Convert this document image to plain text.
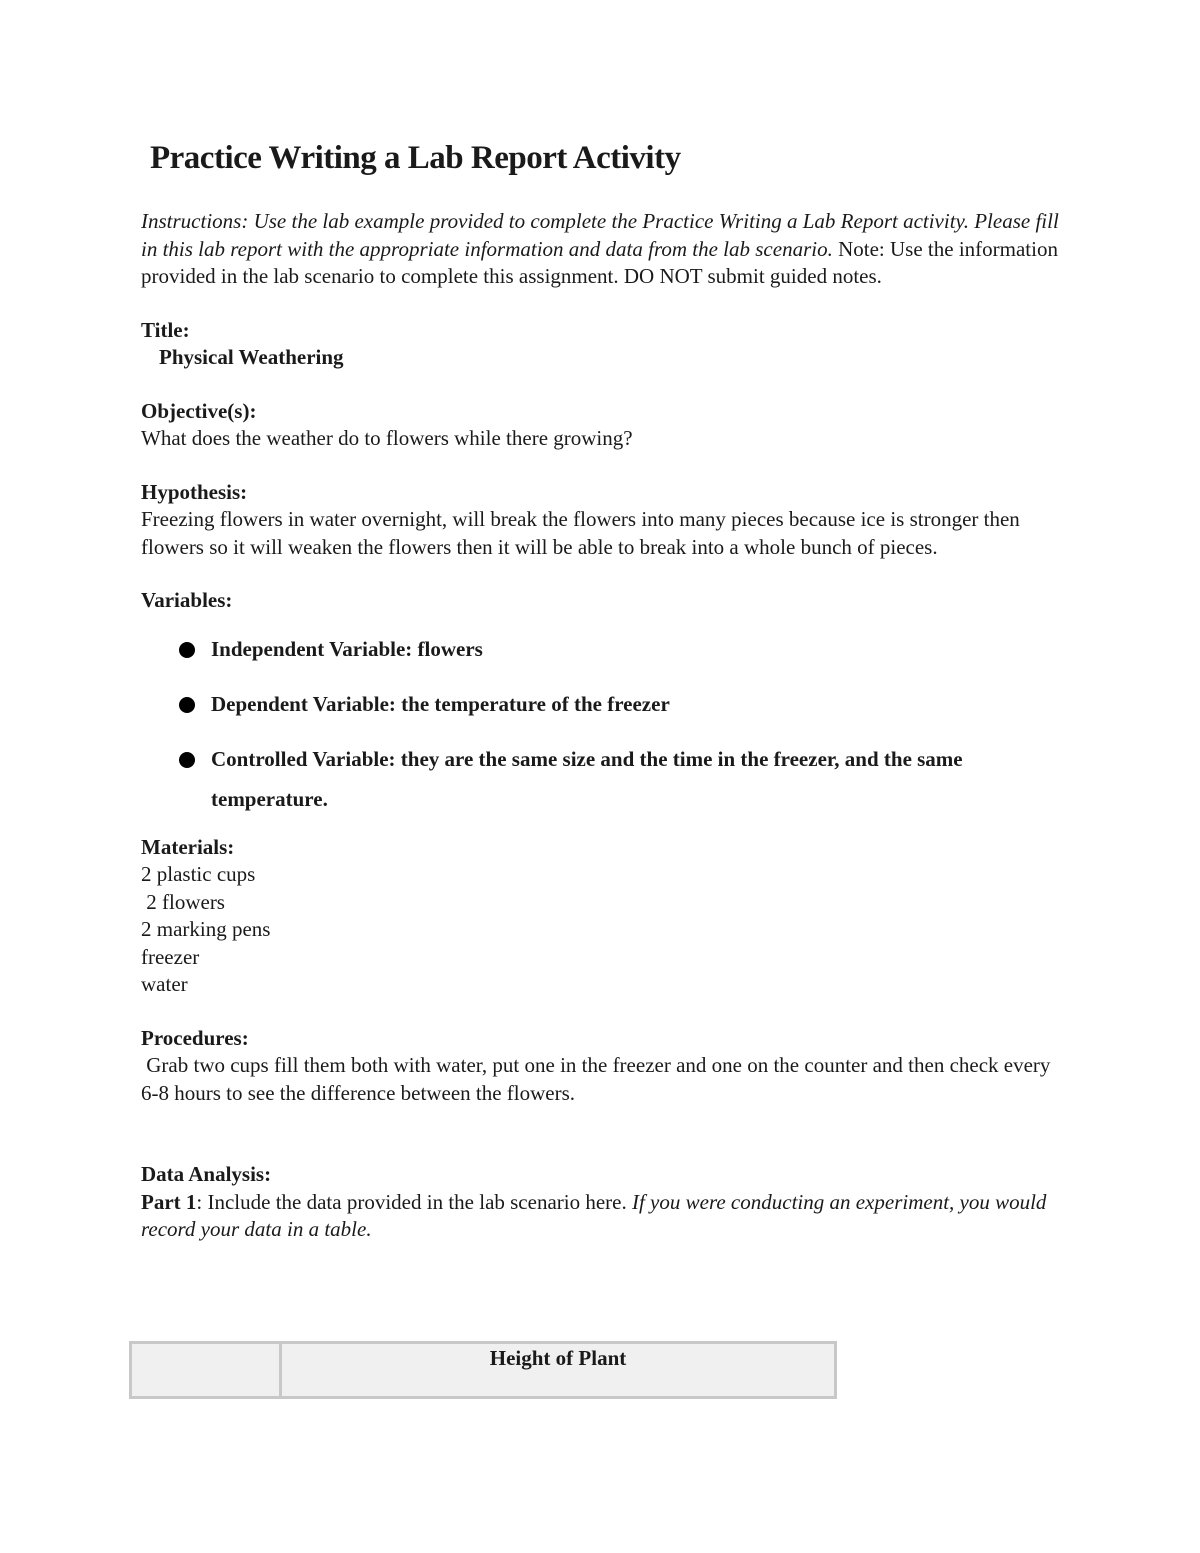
Practice Writing a Lab Report Activity

Instructions: Use the lab example provided to complete the Practice Writing a Lab Report activity. Please fill in this lab report with the appropriate information and data from the lab scenario. Note: Use the information provided in the lab scenario to complete this assignment. DO NOT submit guided notes.

Title:

Physical Weathering

Objective(s):

What does the weather do to flowers while there growing?

Hypothesis:

Freezing flowers in water overnight, will break the flowers into many pieces because ice is stronger then flowers so it will weaken the flowers then it will be able to break into a whole bunch of pieces.

Variables:

Independent Variable: flowers
Dependent Variable: the temperature of the freezer
Controlled Variable: they are the same size and the time in the freezer, and the same temperature.

Materials:

2 plastic cups

2 flowers

2 marking pens

freezer

water

Procedures:

Grab two cups fill them both with water, put one in the freezer and one on the counter and then check every 6-8 hours to see the difference between the flowers.

Data Analysis:

Part 1: Include the data provided in the lab scenario here. If you were conducting an experiment, you would record your data in a table.

	Height of Plant
